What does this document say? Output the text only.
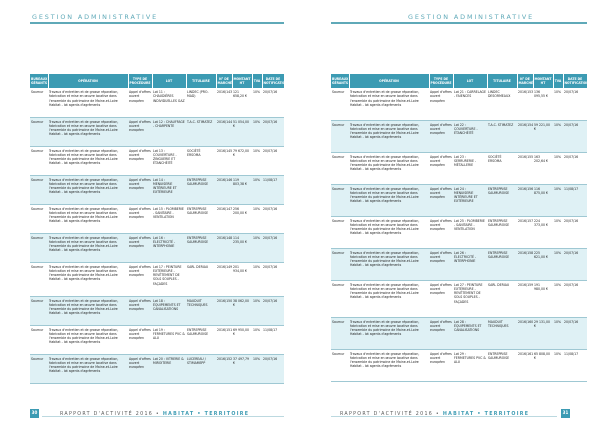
GESTION ADMINISTRATIVE
BUREAUX GÉRANTS	OPÉRATION	TYPE DE PROCÉDURE	LOT	TITULAIRE	N° DE MARCHÉ	MONTANT HT	TVA	DATE DE NOTIFICATION
Saumur	Travaux d'entretien et de grosse réparation, fabrication et mise en œuvre locative dans l'ensemble du patrimoine de Maine-et-Loire Habitat - lot agents d'agréments	Appel d'offres ouvert européen	Lot 11 : CHAUDIÈRES INDIVIDUELLES GAZ	LINDEC (PRO-MAD)	2016/143	121 658,20 €	10%	20/07/16
Saumur	Travaux d'entretien et de grosse réparation, fabrication et mise en œuvre locative dans l'ensemble du patrimoine de Maine-et-Loire Habitat - lot agents d'agréments	Appel d'offres ouvert européen	Lot 12 : CHAUFFAGE - CHARPENTE	T.A.C. STIMATEZ	2016/144	51 054,00 €	10%	20/07/16
Saumur	Travaux d'entretien et de grosse réparation, fabrication et mise en œuvre locative dans l'ensemble du patrimoine de Maine-et-Loire Habitat - lot agents d'agréments	Appel d'offres ouvert européen	Lot 13 : COUVERTURE - ZINGUERIE ET ÉTANCHÉITÉ	SOCIÉTÉ ERSOMA	2016/145	79 672,00 €	10%	20/07/16
Saumur	Travaux d'entretien et de grosse réparation, fabrication et mise en œuvre locative dans l'ensemble du patrimoine de Maine-et-Loire Habitat - lot agents d'agréments	Appel d'offres ouvert européen	Lot 14 : MENUISERIE INTÉRIEURE ET EXTÉRIEURE	ENTREPRISE SAUMUROISE	2016/146	119 803,38 €	10%	11/08/17
Saumur	Travaux d'entretien et de grosse réparation, fabrication et mise en œuvre locative dans l'ensemble du patrimoine de Maine-et-Loire Habitat - lot agents d'agréments	Appel d'offres ouvert européen	Lot 15 : PLOMBERIE - SANITAIRE - VENTILATION	ENTREPRISE SAUMUROISE	2016/147	256 200,00 €	10%	20/07/16
Saumur	Travaux d'entretien et de grosse réparation, fabrication et mise en œuvre locative dans l'ensemble du patrimoine de Maine-et-Loire Habitat - lot agents d'agréments	Appel d'offres ouvert européen	Lot 16 : ÉLECTRICITÉ - INTERPHONIE	ENTREPRISE SAUMUROISE	2016/148	114 235,00 €	10%	20/07/16
Saumur	Travaux d'entretien et de grosse réparation, fabrication et mise en œuvre locative dans l'ensemble du patrimoine de Maine-et-Loire Habitat - lot agents d'agréments	Appel d'offres ouvert européen	Lot 17 : PEINTURE EXTÉRIEURE - REVÊTEMENT DE SOLS SOUPLES - FAÇADES	SARL DERIAU	2016/149	201 934,00 €	10%	20/07/16
Saumur	Travaux d'entretien et de grosse réparation, fabrication et mise en œuvre locative dans l'ensemble du patrimoine de Maine-et-Loire Habitat - lot agents d'agréments	Appel d'offres ouvert européen	Lot 18 : ÉQUIPEMENTS ET CANALISATIONS	MAUDUIT TECHNIQUES	2016/150	38 062,00 €	10%	20/07/16
Saumur	Travaux d'entretien et de grosse réparation, fabrication et mise en œuvre locative dans l'ensemble du patrimoine de Maine-et-Loire Habitat - lot agents d'agréments	Appel d'offres ouvert européen	Lot 19 : FERMETURES PVC & ALU	ENTREPRISE SAUMUROISE	2016/151	69 950,00 €	10%	11/08/17
Saumur	Travaux d'entretien et de grosse réparation, fabrication et mise en œuvre locative dans l'ensemble du patrimoine de Maine-et-Loire Habitat - lot agents d'agréments	Appel d'offres ouvert européen	Lot 20 : VITRERIE & MIROITERIE	LUCEREAU / STIMAMEPP	2016/152	37 497,79 €	10%	20/07/16
30	RAPPORT D'ACTIVITÉ 2016 • HABITAT • TERRITOIRE
GESTION ADMINISTRATIVE
BUREAUX GÉRANTS	OPÉRATION	TYPE DE PROCÉDURE	LOT	TITULAIRE	N° DE MARCHÉ	MONTANT HT	TVA	DATE DE NOTIFICATION
Saumur	Travaux d'entretien et de grosse réparation, fabrication et mise en œuvre locative dans l'ensemble du patrimoine de Maine-et-Loire Habitat - lot agents d'agréments	Appel d'offres ouvert européen	Lot 21 : CARRELAGE - FAÏENCES	LINDEC DESORMEAUX	2016/153	136 095,55 €	10%	20/07/16
Saumur	Travaux d'entretien et de grosse réparation, fabrication et mise en œuvre locative dans l'ensemble du patrimoine de Maine-et-Loire Habitat - lot agents d'agréments	Appel d'offres ouvert européen	Lot 22 : COUVERTURE - ÉTANCHÉITÉ	T.A.C. STIMATEZ	2016/154	59 221,00 €	10%	20/07/16
Saumur	Travaux d'entretien et de grosse réparation, fabrication et mise en œuvre locative dans l'ensemble du patrimoine de Maine-et-Loire Habitat - lot agents d'agréments	Appel d'offres ouvert européen	Lot 23 : SERRURERIE - MÉTALLERIE	SOCIÉTÉ ERSOMA	2016/155	163 202,64 €	10%	20/07/16
Saumur	Travaux d'entretien et de grosse réparation, fabrication et mise en œuvre locative dans l'ensemble du patrimoine de Maine-et-Loire Habitat - lot agents d'agréments	Appel d'offres ouvert européen	Lot 24 : MENUISERIE INTÉRIEURE ET EXTÉRIEURE	ENTREPRISE SAUMUROISE	2016/156	116 875,00 €	10%	11/08/17
Saumur	Travaux d'entretien et de grosse réparation, fabrication et mise en œuvre locative dans l'ensemble du patrimoine de Maine-et-Loire Habitat - lot agents d'agréments	Appel d'offres ouvert européen	Lot 25 : PLOMBERIE - SANITAIRE - VENTILATION	ENTREPRISE SAUMUROISE	2016/157	224 373,00 €	10%	20/07/16
Saumur	Travaux d'entretien et de grosse réparation, fabrication et mise en œuvre locative dans l'ensemble du patrimoine de Maine-et-Loire Habitat - lot agents d'agréments	Appel d'offres ouvert européen	Lot 26 : ÉLECTRICITÉ - INTERPHONIE	ENTREPRISE SAUMUROISE	2016/158	225 621,00 €	10%	20/07/16
Saumur	Travaux d'entretien et de grosse réparation, fabrication et mise en œuvre locative dans l'ensemble du patrimoine de Maine-et-Loire Habitat - lot agents d'agréments	Appel d'offres ouvert européen	Lot 27 : PEINTURE EXTÉRIEURE - REVÊTEMENT DE SOLS SOUPLES - FAÇADES	SARL DERIAU	2016/159	191 980,00 €	10%	20/07/16
Saumur	Travaux d'entretien et de grosse réparation, fabrication et mise en œuvre locative dans l'ensemble du patrimoine de Maine-et-Loire Habitat - lot agents d'agréments	Appel d'offres ouvert européen	Lot 28 : ÉQUIPEMENTS ET CANALISATIONS	MAUDUIT TECHNIQUES	2016/160	29 131,00 €	10%	20/07/16
Saumur	Travaux d'entretien et de grosse réparation, fabrication et mise en œuvre locative dans l'ensemble du patrimoine de Maine-et-Loire Habitat - lot agents d'agréments	Appel d'offres ouvert européen	Lot 29 : FERMETURES PVC & ALU	ENTREPRISE SAUMUROISE	2016/161	65 808,00 €	10%	11/08/17
RAPPORT D'ACTIVITÉ 2016 • HABITAT • TERRITOIRE	31
